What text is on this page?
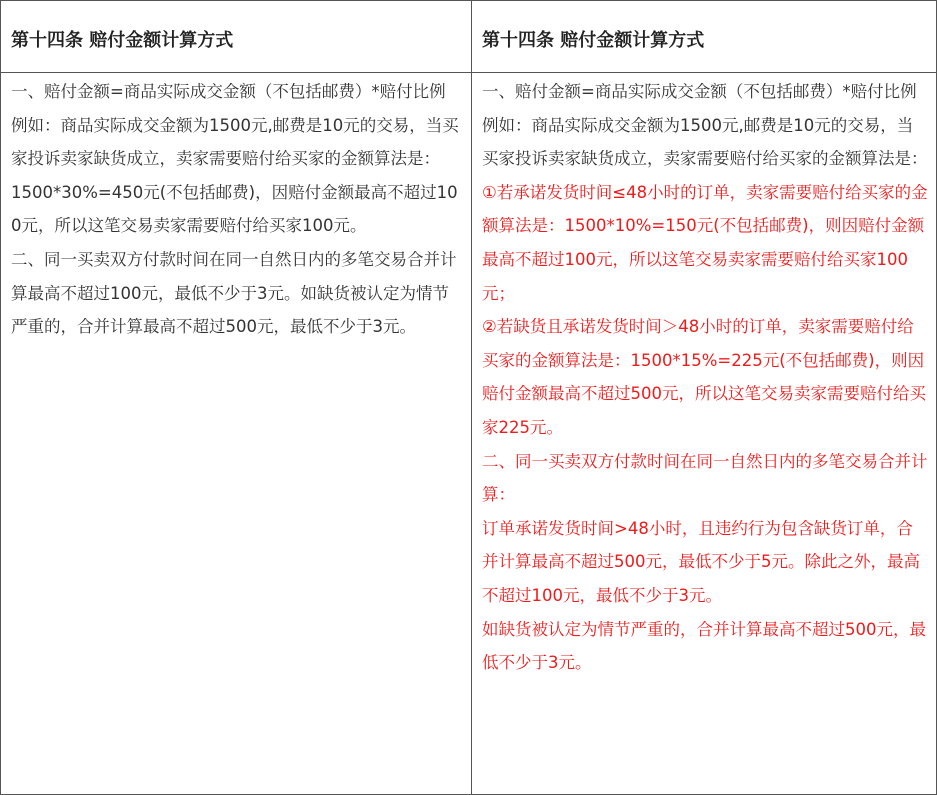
第十四条 赔付金额计算方式

一、赔付金额=商品实际成交金额（不包括邮费）*赔付比例

例如：商品实际成交金额为1500元,邮费是10元的交易，当买家投诉卖家缺货成立，卖家需要赔付给买家的金额算法是：

1500*30%=450元(不包括邮费)，因赔付金额最高不超过100元，所以这笔交易卖家需要赔付给买家100元。

二、同一买卖双方付款时间在同一自然日内的多笔交易合并计算最高不超过100元，最低不少于3元。如缺货被认定为情节严重的，合并计算最高不超过500元，最低不少于3元。

第十四条 赔付金额计算方式

一、赔付金额=商品实际成交金额（不包括邮费）*赔付比例

例如：商品实际成交金额为1500元,邮费是10元的交易，当买家投诉卖家缺货成立，卖家需要赔付给买家的金额算法是：

①若承诺发货时间≤48小时的订单，卖家需要赔付给买家的金额算法是：1500*10%=150元(不包括邮费)，则因赔付金额最高不超过100元，所以这笔交易卖家需要赔付给买家100元；

②若缺货且承诺发货时间＞48小时的订单，卖家需要赔付给买家的金额算法是：1500*15%=225元(不包括邮费)，则因赔付金额最高不超过500元，所以这笔交易卖家需要赔付给买家225元。

二、同一买卖双方付款时间在同一自然日内的多笔交易合并计算：

订单承诺发货时间>48小时，且违约行为包含缺货订单，合并计算最高不超过500元，最低不少于5元。除此之外，最高不超过100元，最低不少于3元。

如缺货被认定为情节严重的，合并计算最高不超过500元，最低不少于3元。
